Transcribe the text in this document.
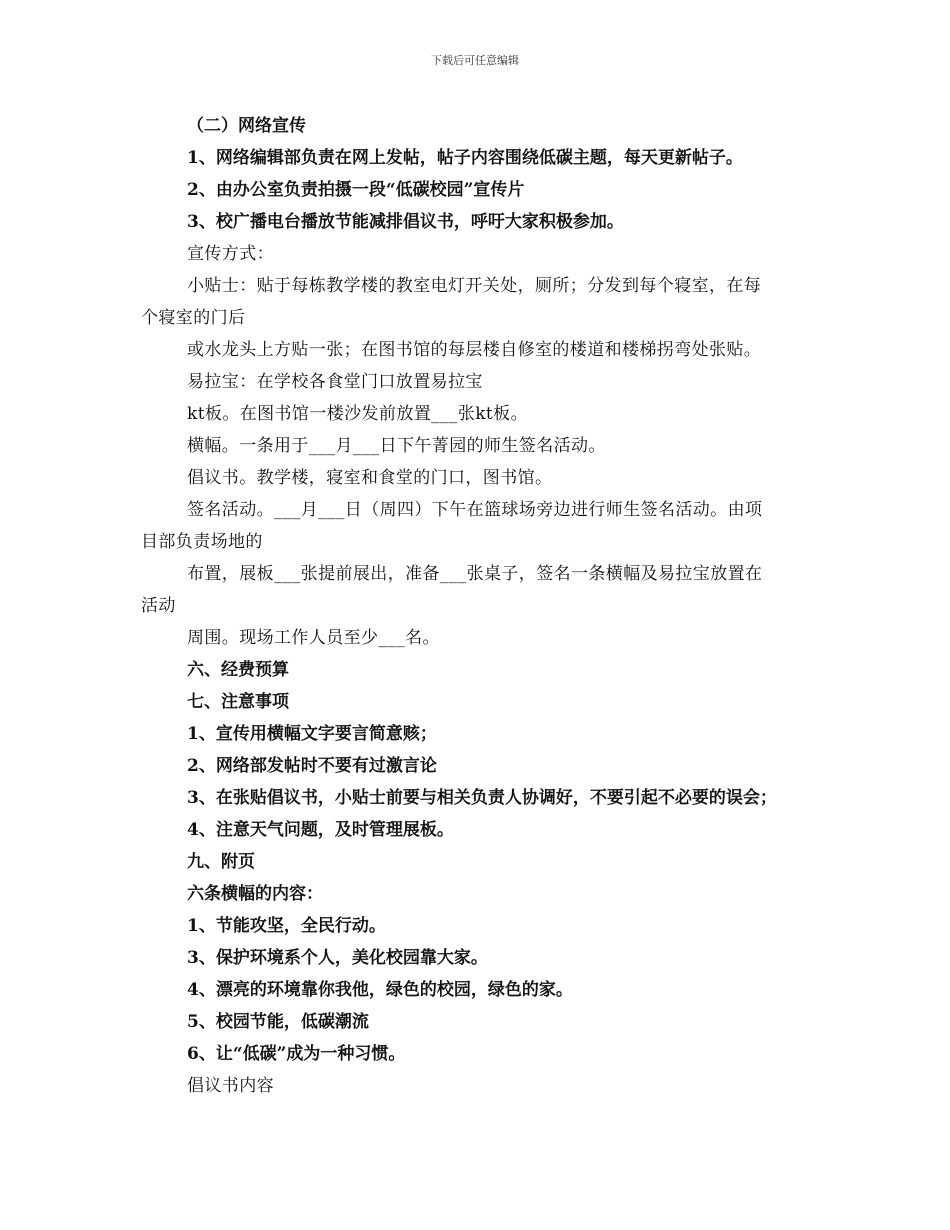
下载后可任意编辑
（二）网络宣传
1、网络编辑部负责在网上发帖，帖子内容围绕低碳主题，每天更新帖子。
2、由办公室负责拍摄一段“低碳校园”宣传片
3、校广播电台播放节能减排倡议书，呼吁大家积极参加。
宣传方式：
小贴士：贴于每栋教学楼的教室电灯开关处，厕所；分发到每个寝室，在每
个寝室的门后
或水龙头上方贴一张；在图书馆的每层楼自修室的楼道和楼梯拐弯处张贴。
易拉宝：在学校各食堂门口放置易拉宝
kt板。在图书馆一楼沙发前放置___张kt板。
横幅。一条用于___月___日下午菁园的师生签名活动。
倡议书。教学楼，寝室和食堂的门口，图书馆。
签名活动。___月___日（周四）下午在篮球场旁边进行师生签名活动。由项
目部负责场地的
布置，展板___张提前展出，准备___张桌子，签名一条横幅及易拉宝放置在
活动
周围。现场工作人员至少___名。
六、经费预算
七、注意事项
1、宣传用横幅文字要言简意赅；
2、网络部发帖时不要有过激言论
3、在张贴倡议书，小贴士前要与相关负责人协调好，不要引起不必要的误会；
4、注意天气问题，及时管理展板。
九、附页
六条横幅的内容：
1、节能攻坚，全民行动。
3、保护环境系个人，美化校园靠大家。
4、漂亮的环境靠你我他，绿色的校园，绿色的家。
5、校园节能，低碳潮流
6、让“低碳”成为一种习惯。
倡议书内容
